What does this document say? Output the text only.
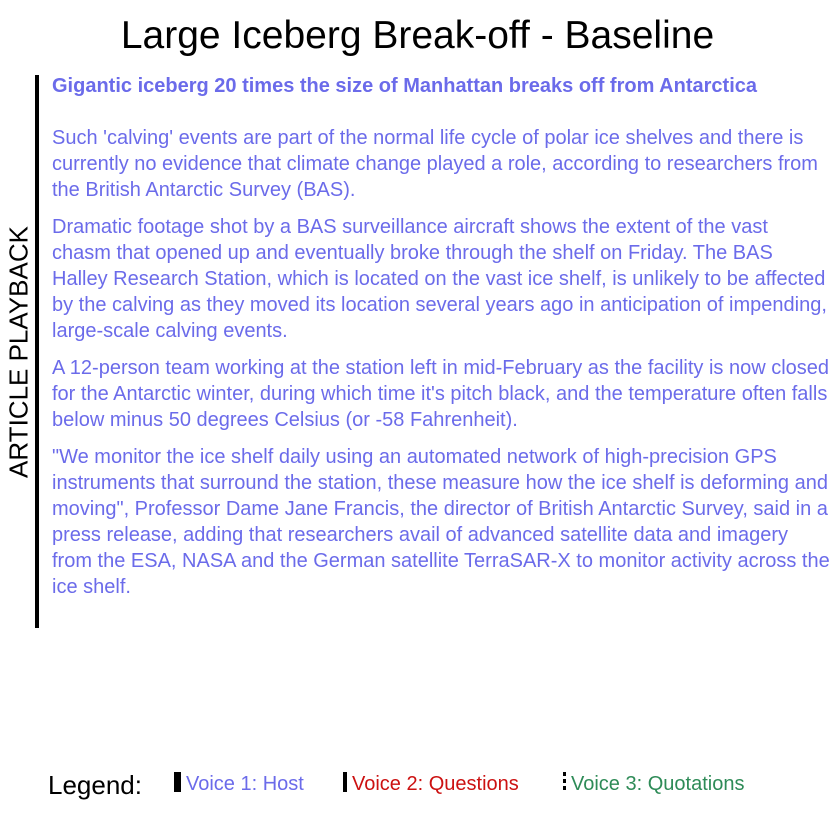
Large Iceberg Break-off - Baseline
ARTICLE PLAYBACK

Gigantic iceberg 20 times the size of Manhattan breaks off from Antarctica

Such 'calving' events are part of the normal life cycle of polar ice shelves and there is currently no evidence that climate change played a role, according to researchers from the British Antarctic Survey (BAS).

Dramatic footage shot by a BAS surveillance aircraft shows the extent of the vast chasm that opened up and eventually broke through the shelf on Friday. The BAS Halley Research Station, which is located on the vast ice shelf, is unlikely to be affected by the calving as they moved its location several years ago in anticipation of impending, large-scale calving events.

A 12-person team working at the station left in mid-February as the facility is now closed for the Antarctic winter, during which time it's pitch black, and the temperature often falls below minus 50 degrees Celsius (or -58 Fahrenheit).

"We monitor the ice shelf daily using an automated network of high-precision GPS instruments that surround the station, these measure how the ice shelf is deforming and moving", Professor Dame Jane Francis, the director of British Antarctic Survey, said in a press release, adding that researchers avail of advanced satellite data and imagery from the ESA, NASA and the German satellite TerraSAR-X to monitor activity across the ice shelf.

Legend:	Voice 1: Host	Voice 2: Questions	Voice 3: Quotations
